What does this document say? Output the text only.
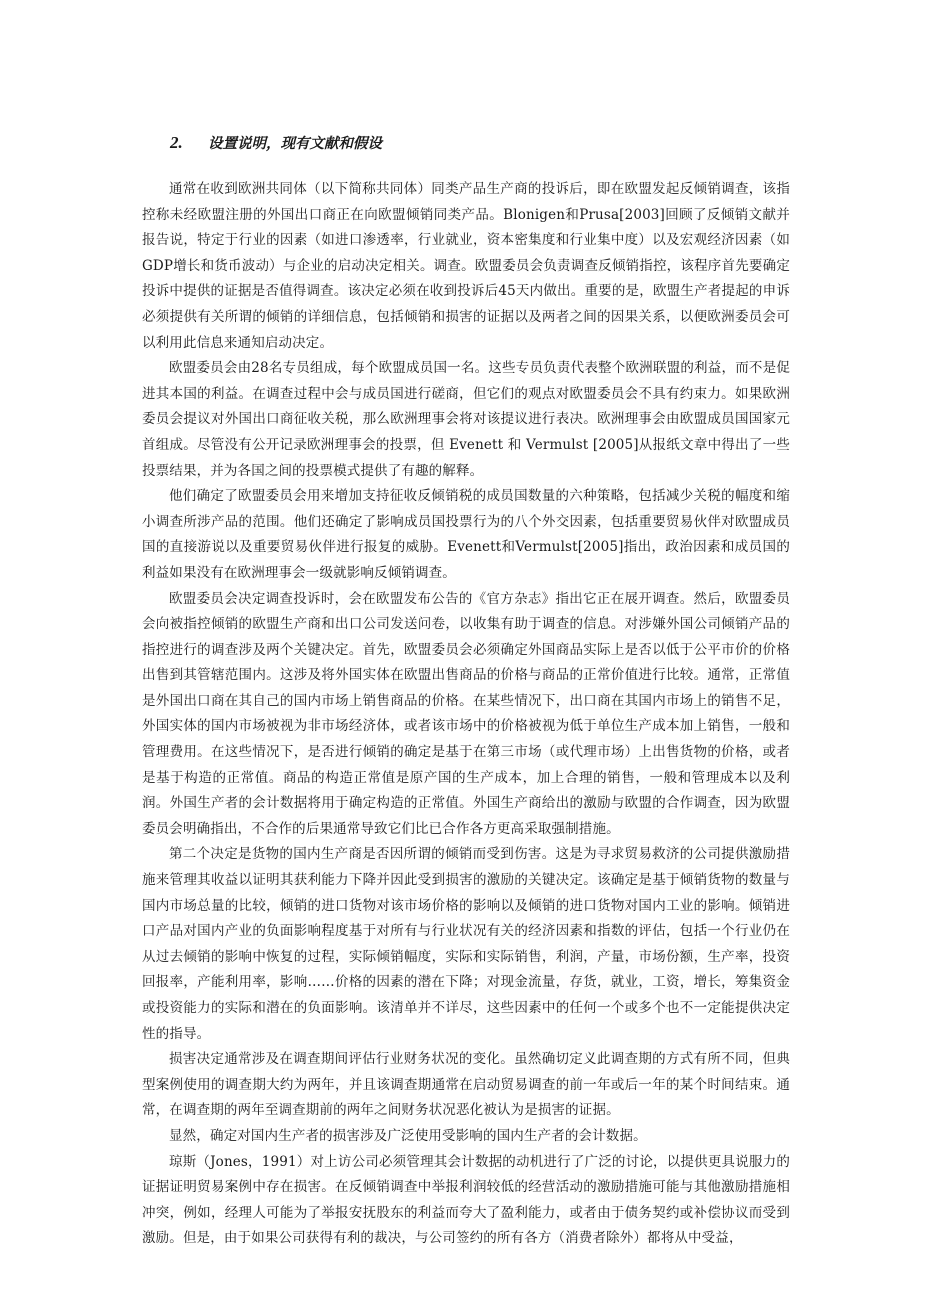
2. 设置说明，现有文献和假设

通常在收到欧洲共同体（以下简称共同体）同类产品生产商的投诉后，即在欧盟发起反倾销调查，该指控称未经欧盟注册的外国出口商正在向欧盟倾销同类产品。Blonigen和Prusa[2003]回顾了反倾销文献并报告说，特定于行业的因素（如进口渗透率，行业就业，资本密集度和行业集中度）以及宏观经济因素（如GDP增长和货币波动）与企业的启动决定相关。调查。欧盟委员会负责调查反倾销指控，该程序首先要确定投诉中提供的证据是否值得调查。该决定必须在收到投诉后45天内做出。重要的是，欧盟生产者提起的申诉必须提供有关所谓的倾销的详细信息，包括倾销和损害的证据以及两者之间的因果关系，以便欧洲委员会可以利用此信息来通知启动决定。

欧盟委员会由28名专员组成，每个欧盟成员国一名。这些专员负责代表整个欧洲联盟的利益，而不是促进其本国的利益。在调查过程中会与成员国进行磋商，但它们的观点对欧盟委员会不具有约束力。如果欧洲委员会提议对外国出口商征收关税，那么欧洲理事会将对该提议进行表决。欧洲理事会由欧盟成员国国家元首组成。尽管没有公开记录欧洲理事会的投票，但 Evenett 和 Vermulst [2005]从报纸文章中得出了一些投票结果，并为各国之间的投票模式提供了有趣的解释。

他们确定了欧盟委员会用来增加支持征收反倾销税的成员国数量的六种策略，包括减少关税的幅度和缩小调查所涉产品的范围。他们还确定了影响成员国投票行为的八个外交因素，包括重要贸易伙伴对欧盟成员国的直接游说以及重要贸易伙伴进行报复的威胁。Evenett和Vermulst[2005]指出，政治因素和成员国的利益如果没有在欧洲理事会一级就影响反倾销调查。

欧盟委员会决定调查投诉时，会在欧盟发布公告的《官方杂志》指出它正在展开调查。然后，欧盟委员会向被指控倾销的欧盟生产商和出口公司发送问卷，以收集有助于调查的信息。对涉嫌外国公司倾销产品的指控进行的调查涉及两个关键决定。首先，欧盟委员会必须确定外国商品实际上是否以低于公平市价的价格出售到其管辖范围内。这涉及将外国实体在欧盟出售商品的价格与商品的正常价值进行比较。通常，正常值是外国出口商在其自己的国内市场上销售商品的价格。在某些情况下，出口商在其国内市场上的销售不足，外国实体的国内市场被视为非市场经济体，或者该市场中的价格被视为低于单位生产成本加上销售，一般和管理费用。在这些情况下，是否进行倾销的确定是基于在第三市场（或代理市场）上出售货物的价格，或者是基于构造的正常值。商品的构造正常值是原产国的生产成本，加上合理的销售，一般和管理成本以及利润。外国生产者的会计数据将用于确定构造的正常值。外国生产商给出的激励与欧盟的合作调查，因为欧盟委员会明确指出，不合作的后果通常导致它们比已合作各方更高采取强制措施。

第二个决定是货物的国内生产商是否因所谓的倾销而受到伤害。这是为寻求贸易救济的公司提供激励措施来管理其收益以证明其获利能力下降并因此受到损害的激励的关键决定。该确定是基于倾销货物的数量与国内市场总量的比较，倾销的进口货物对该市场价格的影响以及倾销的进口货物对国内工业的影响。倾销进口产品对国内产业的负面影响程度基于对所有与行业状况有关的经济因素和指数的评估，包括一个行业仍在从过去倾销的影响中恢复的过程，实际倾销幅度，实际和实际销售，利润，产量，市场份额，生产率，投资回报率，产能利用率，影响……价格的因素的潜在下降；对现金流量，存货，就业，工资，增长，筹集资金或投资能力的实际和潜在的负面影响。该清单并不详尽，这些因素中的任何一个或多个也不一定能提供决定性的指导。

损害决定通常涉及在调查期间评估行业财务状况的变化。虽然确切定义此调查期的方式有所不同，但典型案例使用的调查期大约为两年，并且该调查期通常在启动贸易调查的前一年或后一年的某个时间结束。通常，在调查期的两年至调查期前的两年之间财务状况恶化被认为是损害的证据。

显然，确定对国内生产者的损害涉及广泛使用受影响的国内生产者的会计数据。

琼斯（Jones，1991）对上访公司必须管理其会计数据的动机进行了广泛的讨论，以提供更具说服力的证据证明贸易案例中存在损害。在反倾销调查中举报利润较低的经营活动的激励措施可能与其他激励措施相冲突，例如，经理人可能为了举报安抚股东的利益而夸大了盈利能力，或者由于债务契约或补偿协议而受到激励。但是，由于如果公司获得有利的裁决，与公司签约的所有各方（消费者除外）都将从中受益，
